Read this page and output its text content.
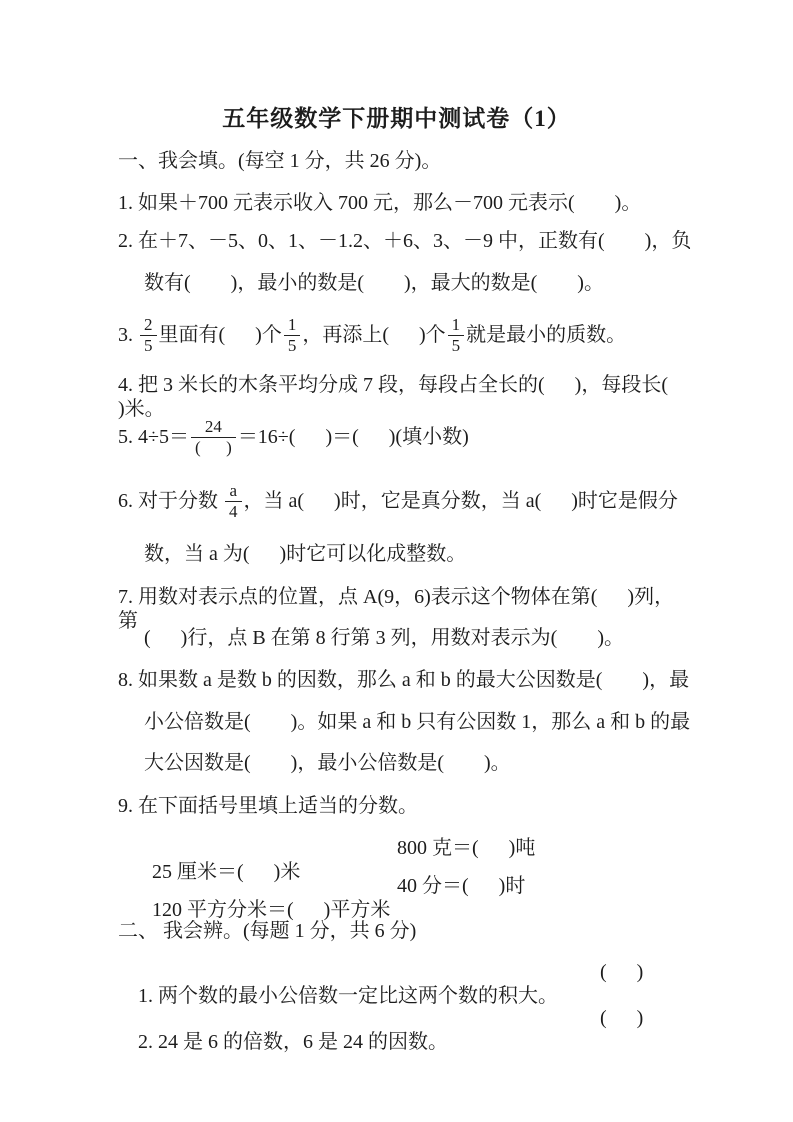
五年级数学下册期中测试卷（1）
一、我会填。(每空 1 分，共 26 分)。
1. 如果＋700 元表示收入 700 元，那么－700 元表示(        )。
2. 在＋7、－5、0、1、－1.2、＋6、3、－9 中，正数有(        )，负
数有(        )，最小的数是(        )，最大的数是(        )。
3. $\frac{2}{5}$ 里面有(      )个 $\frac{1}{5}$ ，再添上(      )个 $\frac{1}{5}$ 就是最小的质数。
4. 把 3 米长的木条平均分成 7 段，每段占全长的(      )，每段长(      )米。
5. $4\div 5= \frac{24}{( )} =16\div$(      )＝(      )(填小数)
6. 对于分数 $\frac{a}{4}$ ，当 a(      )时，它是真分数，当 a(      )时它是假分
数，当 a 为(      )时它可以化成整数。
7. 用数对表示点的位置，点 A(9，6)表示这个物体在第(      )列，第
(      )行，点 B 在第 8 行第 3 列，用数对表示为(        )。
8. 如果数 a 是数 b 的因数，那么 a 和 b 的最大公因数是(        )，最
小公倍数是(        )。如果 a 和 b 只有公因数 1，那么 a 和 b 的最
大公因数是(        )，最小公倍数是(        )。
9. 在下面括号里填上适当的分数。

25 厘米＝(      )米

800 克＝(      )吨

120 平方分米＝(      )平方米

40 分＝(      )时

二、 我会辨。(每题 1 分，共 6 分)

1. 两个数的最小公倍数一定比这两个数的积大。

(      )

2. 24 是 6 的倍数，6 是 24 的因数。

(      )
